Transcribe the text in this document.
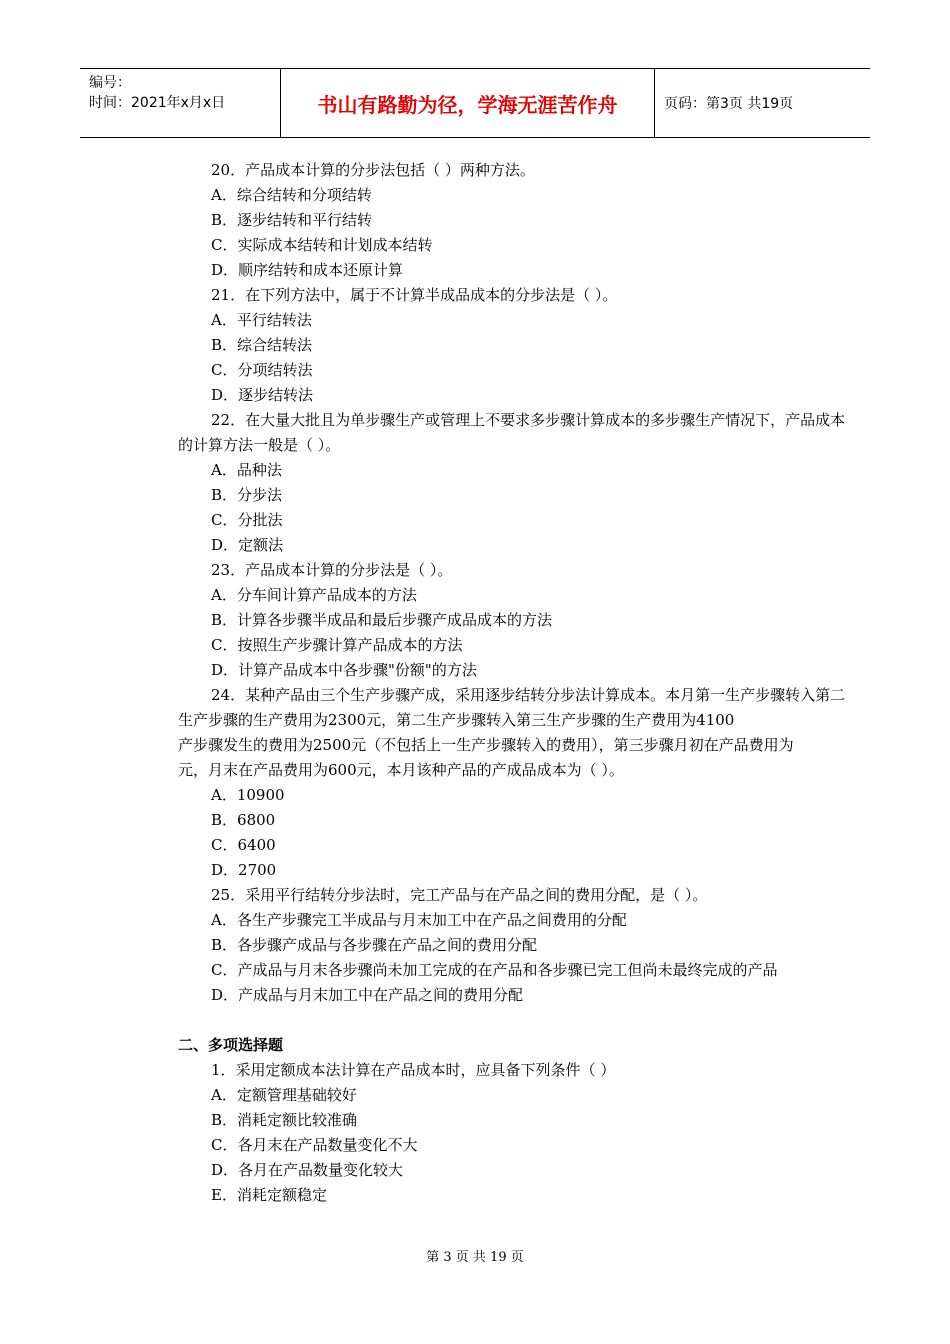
编号：
时间：2021年x月x日	书山有路勤为径，学海无涯苦作舟	页码：第3页 共19页
20．产品成本计算的分步法包括（ ）两种方法。
A．综合结转和分项结转
B．逐步结转和平行结转
C．实际成本结转和计划成本结转
D．顺序结转和成本还原计算
21．在下列方法中，属于不计算半成品成本的分步法是（ ）。
A．平行结转法
B．综合结转法
C．分项结转法
D．逐步结转法
22．在大量大批且为单步骤生产或管理上不要求多步骤计算成本的多步骤生产情况下，产品成本
的计算方法一般是（ ）。
A．品种法
B．分步法
C．分批法
D．定额法
23．产品成本计算的分步法是（ ）。
A．分车间计算产品成本的方法
B．计算各步骤半成品和最后步骤产成品成本的方法
C．按照生产步骤计算产品成本的方法
D．计算产品成本中各步骤"份额"的方法
24．某种产品由三个生产步骤产成，采用逐步结转分步法计算成本。本月第一生产步骤转入第二
生产步骤的生产费用为2300元，第二生产步骤转入第三生产步骤的生产费用为4100
产步骤发生的费用为2500元（不包括上一生产步骤转入的费用），第三步骤月初在产品费用为
元，月末在产品费用为600元，本月该种产品的产成品成本为（ ）。
A．10900
B．6800
C．6400
D．2700
25．采用平行结转分步法时，完工产品与在产品之间的费用分配，是（ ）。
A．各生产步骤完工半成品与月末加工中在产品之间费用的分配
B．各步骤产成品与各步骤在产品之间的费用分配
C．产成品与月末各步骤尚未加工完成的在产品和各步骤已完工但尚未最终完成的产品
D．产成品与月末加工中在产品之间的费用分配
二、多项选择题
1．采用定额成本法计算在产品成本时，应具备下列条件（ ）
A．定额管理基础较好
B．消耗定额比较准确
C．各月末在产品数量变化不大
D．各月在产品数量变化较大
E．消耗定额稳定
第 3 页 共 19 页
